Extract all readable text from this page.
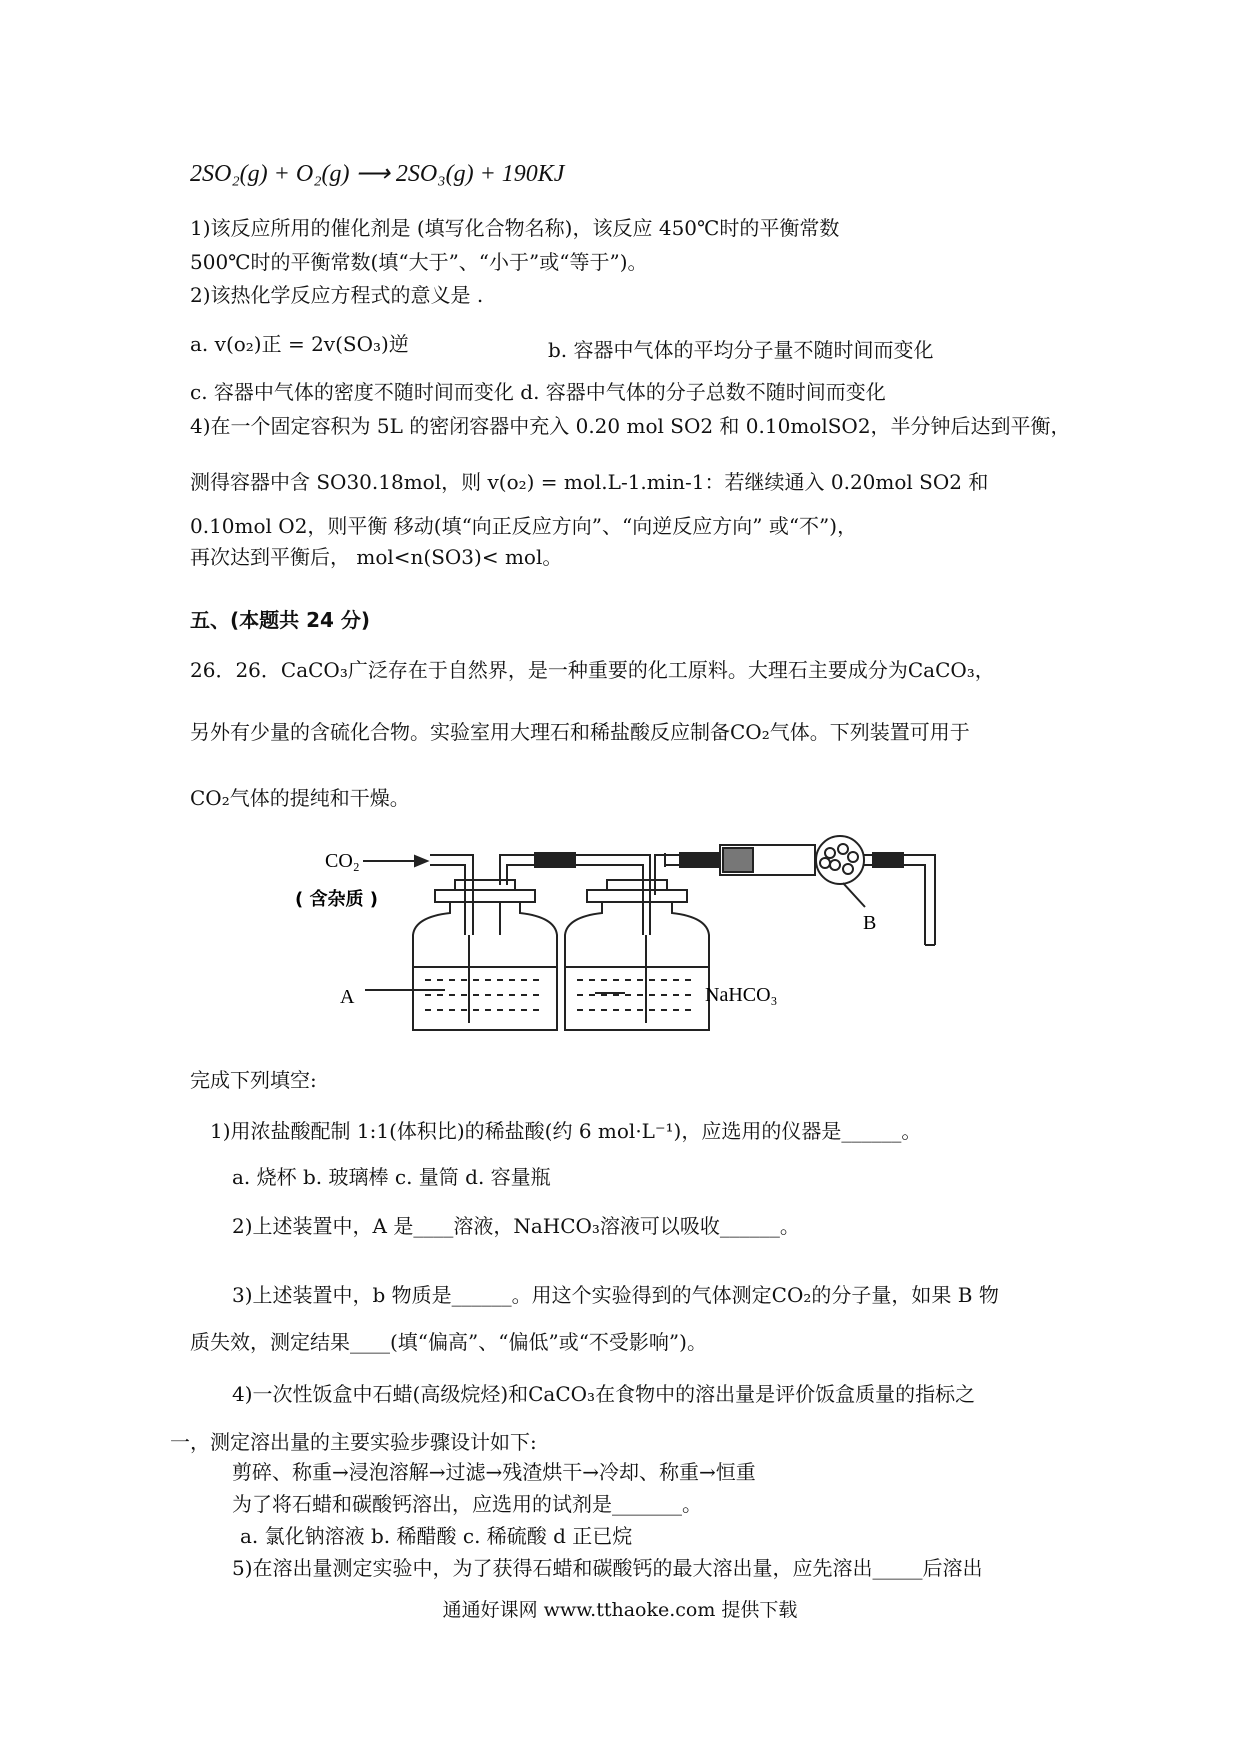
2SO₂(g) + O₂(g) ⟶ 2SO₃(g) + 190KJ
1)该反应所用的催化剂是 (填写化合物名称)，该反应 450℃时的平衡常数
500℃时的平衡常数(填“大于”、“小于”或“等于”)。
2)该热化学反应方程式的意义是 .
a. v(o₂)正 = 2v(SO₃)逆	b. 容器中气体的平均分子量不随时间而变化
c. 容器中气体的密度不随时间而变化 d. 容器中气体的分子总数不随时间而变化
4)在一个固定容积为 5L 的密闭容器中充入 0.20 mol SO2 和 0.10molSO2，半分钟后达到平衡，
测得容器中含 SO30.18mol，则 v(o₂) = mol.L-1.min-1：若继续通入 0.20mol SO2 和
0.10mol O2，则平衡 移动(填“向正反应方向”、“向逆反应方向” 或“不”)，
再次达到平衡后， mol<n(SO3)< mol。
五、(本题共 24 分)
26．26．CaCO₃广泛存在于自然界，是一种重要的化工原料。大理石主要成分为CaCO₃，
另外有少量的含硫化合物。实验室用大理石和稀盐酸反应制备CO₂气体。下列装置可用于
CO₂气体的提纯和干燥。
CO₂
( 含杂质 )
A
B
NaHCO₃
完成下列填空:
1)用浓盐酸配制 1:1(体积比)的稀盐酸(约 6 mol·L⁻¹)，应选用的仪器是______。
a. 烧杯 b. 玻璃棒 c. 量筒 d. 容量瓶
2)上述装置中，A 是____溶液，NaHCO₃溶液可以吸收______。
3)上述装置中，b 物质是______。用这个实验得到的气体测定CO₂的分子量，如果 B 物
质失效，测定结果____(填“偏高”、“偏低”或“不受影响”)。
4)一次性饭盒中石蜡(高级烷烃)和CaCO₃在食物中的溶出量是评价饭盒质量的指标之
一，测定溶出量的主要实验步骤设计如下:
剪碎、称重→浸泡溶解→过滤→残渣烘干→冷却、称重→恒重
为了将石蜡和碳酸钙溶出，应选用的试剂是_______。
a. 氯化钠溶液 b. 稀醋酸 c. 稀硫酸 d 正已烷
5)在溶出量测定实验中，为了获得石蜡和碳酸钙的最大溶出量，应先溶出_____后溶出
通通好课网 www.tthaoke.com 提供下载
